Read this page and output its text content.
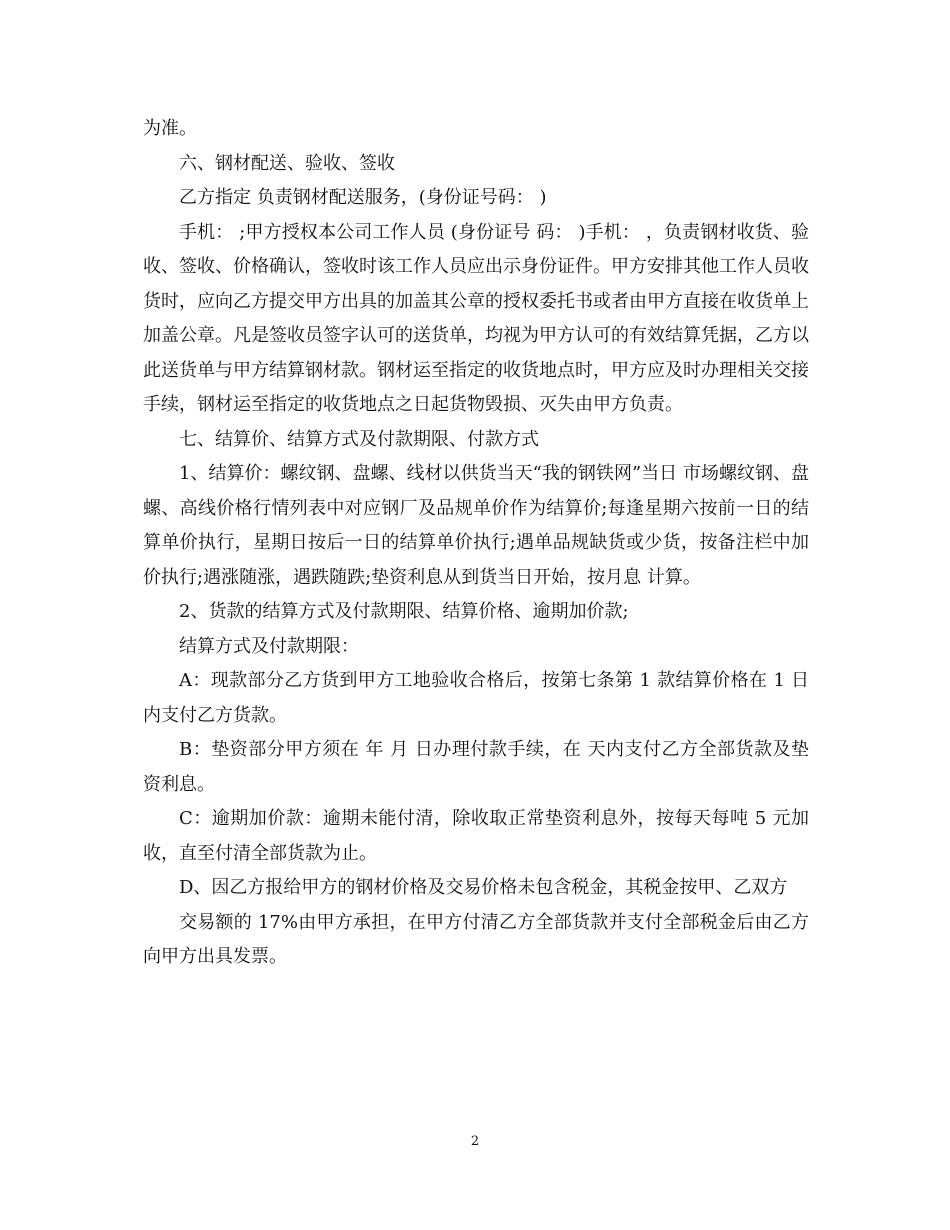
为准。

六、钢材配送、验收、签收

乙方指定 负责钢材配送服务，(身份证号码： )

手机： ;甲方授权本公司工作人员 (身份证号 码： )手机： ，负责钢材收货、验收、签收、价格确认，签收时该工作人员应出示身份证件。甲方安排其他工作人员收货时，应向乙方提交甲方出具的加盖其公章的授权委托书或者由甲方直接在收货单上加盖公章。凡是签收员签字认可的送货单，均视为甲方认可的有效结算凭据，乙方以此送货单与甲方结算钢材款。钢材运至指定的收货地点时，甲方应及时办理相关交接手续，钢材运至指定的收货地点之日起货物毁损、灭失由甲方负责。

七、结算价、结算方式及付款期限、付款方式

1、结算价：螺纹钢、盘螺、线材以供货当天“我的钢铁网”当日 市场螺纹钢、盘螺、高线价格行情列表中对应钢厂及品规单价作为结算价;每逢星期六按前一日的结算单价执行，星期日按后一日的结算单价执行;遇单品规缺货或少货，按备注栏中加价执行;遇涨随涨，遇跌随跌;垫资利息从到货当日开始，按月息 计算。

2、货款的结算方式及付款期限、结算价格、逾期加价款;

结算方式及付款期限：

A：现款部分乙方货到甲方工地验收合格后，按第七条第 1 款结算价格在 1 日内支付乙方货款。

B：垫资部分甲方须在 年 月 日办理付款手续，在 天内支付乙方全部货款及垫资利息。

C：逾期加价款：逾期未能付清，除收取正常垫资利息外，按每天每吨 5 元加收，直至付清全部货款为止。

D、因乙方报给甲方的钢材价格及交易价格未包含税金，其税金按甲、乙双方

交易额的 17%由甲方承担，在甲方付清乙方全部货款并支付全部税金后由乙方向甲方出具发票。

2
